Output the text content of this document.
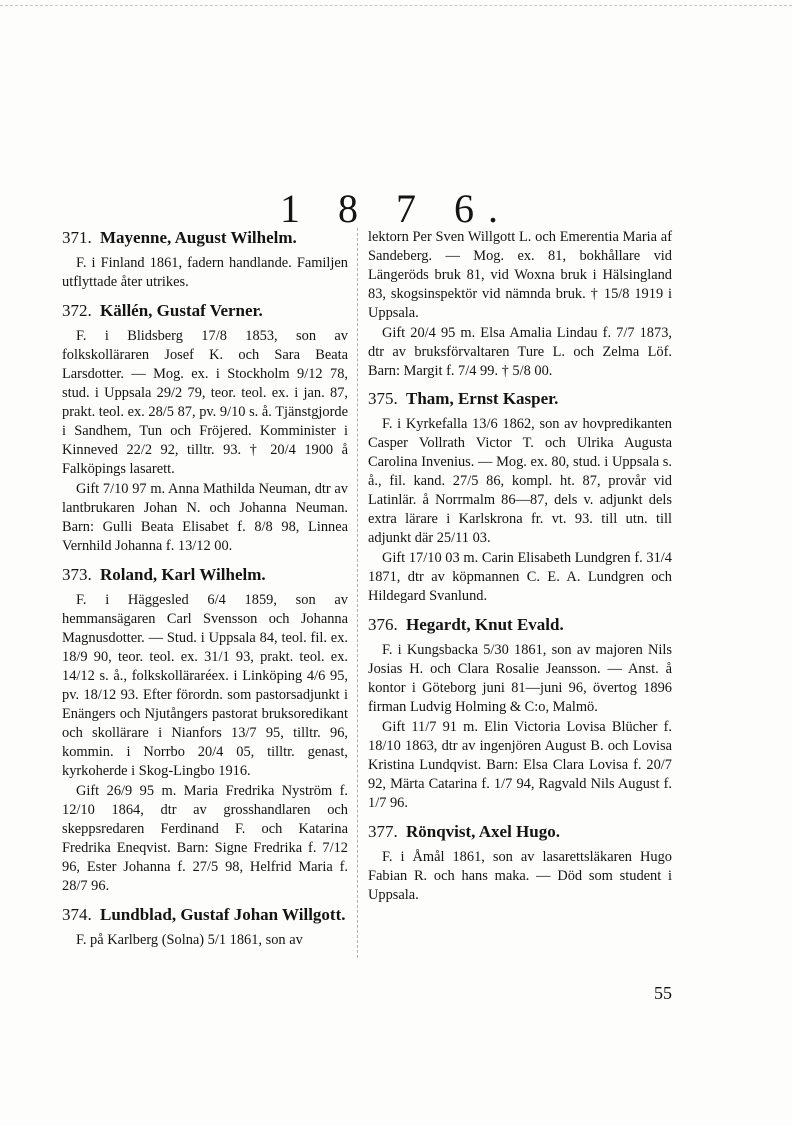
1 8 7 6.
371. Mayenne, August Wilhelm.

F. i Finland 1861, fadern handlande. Familjen utflyttade åter utrikes.

372. Källén, Gustaf Verner.

F. i Blidsberg 17/8 1853, son av folkskolläraren Josef K. och Sara Beata Larsdotter. — Mog. ex. i Stockholm 9/12 78, stud. i Uppsala 29/2 79, teor. teol. ex. i jan. 87, prakt. teol. ex. 28/5 87, pv. 9/10 s. å. Tjänstgjorde i Sandhem, Tun och Fröjered. Komminister i Kinneved 22/2 92, tilltr. 93. † 20/4 1900 å Falköpings lasarett.

Gift 7/10 97 m. Anna Mathilda Neuman, dtr av lantbrukaren Johan N. och Johanna Neuman. Barn: Gulli Beata Elisabet f. 8/8 98, Linnea Vernhild Johanna f. 13/12 00.

373. Roland, Karl Wilhelm.

F. i Häggesled 6/4 1859, son av hemmansägaren Carl Svensson och Johanna Magnusdotter. — Stud. i Uppsala 84, teol. fil. ex. 18/9 90, teor. teol. ex. 31/1 93, prakt. teol. ex. 14/12 s. å., folkskolläraréex. i Linköping 4/6 95, pv. 18/12 93. Efter förordn. som pastorsadjunkt i Enängers och Njutångers pastorat bruksoredikant och skollärare i Nianfors 13/7 95, tilltr. 96, kommin. i Norrbo 20/4 05, tilltr. genast, kyrkoherde i Skog-Lingbo 1916.

Gift 26/9 95 m. Maria Fredrika Nyström f. 12/10 1864, dtr av grosshandlaren och skeppsredaren Ferdinand F. och Katarina Fredrika Eneqvist. Barn: Signe Fredrika f. 7/12 96, Ester Johanna f. 27/5 98, Helfrid Maria f. 28/7 96.

374. Lundblad, Gustaf Johan Willgott.

F. på Karlberg (Solna) 5/1 1861, son av

lektorn Per Sven Willgott L. och Emerentia Maria af Sandeberg. — Mog. ex. 81, bokhållare vid Längeröds bruk 81, vid Woxna bruk i Hälsingland 83, skogsinspektör vid nämnda bruk. † 15/8 1919 i Uppsala.

Gift 20/4 95 m. Elsa Amalia Lindau f. 7/7 1873, dtr av bruksförvaltaren Ture L. och Zelma Löf. Barn: Margit f. 7/4 99. † 5/8 00.

375. Tham, Ernst Kasper.

F. i Kyrkefalla 13/6 1862, son av hovpredikanten Casper Vollrath Victor T. och Ulrika Augusta Carolina Invenius. — Mog. ex. 80, stud. i Uppsala s. å., fil. kand. 27/5 86, kompl. ht. 87, provår vid Latinlär. å Norrmalm 86—87, dels v. adjunkt dels extra lärare i Karlskrona fr. vt. 93. till utn. till adjunkt där 25/11 03.

Gift 17/10 03 m. Carin Elisabeth Lundgren f. 31/4 1871, dtr av köpmannen C. E. A. Lundgren och Hildegard Svanlund.

376. Hegardt, Knut Evald.

F. i Kungsbacka 5/30 1861, son av majoren Nils Josias H. och Clara Rosalie Jeansson. — Anst. å kontor i Göteborg juni 81—juni 96, övertog 1896 firman Ludvig Holming & C:o, Malmö.

Gift 11/7 91 m. Elin Victoria Lovisa Blücher f. 18/10 1863, dtr av ingenjören August B. och Lovisa Kristina Lundqvist. Barn: Elsa Clara Lovisa f. 20/7 92, Märta Catarina f. 1/7 94, Ragvald Nils August f. 1/7 96.

377. Rönqvist, Axel Hugo.

F. i Åmål 1861, son av lasarettsläkaren Hugo Fabian R. och hans maka. — Död som student i Uppsala.

55
